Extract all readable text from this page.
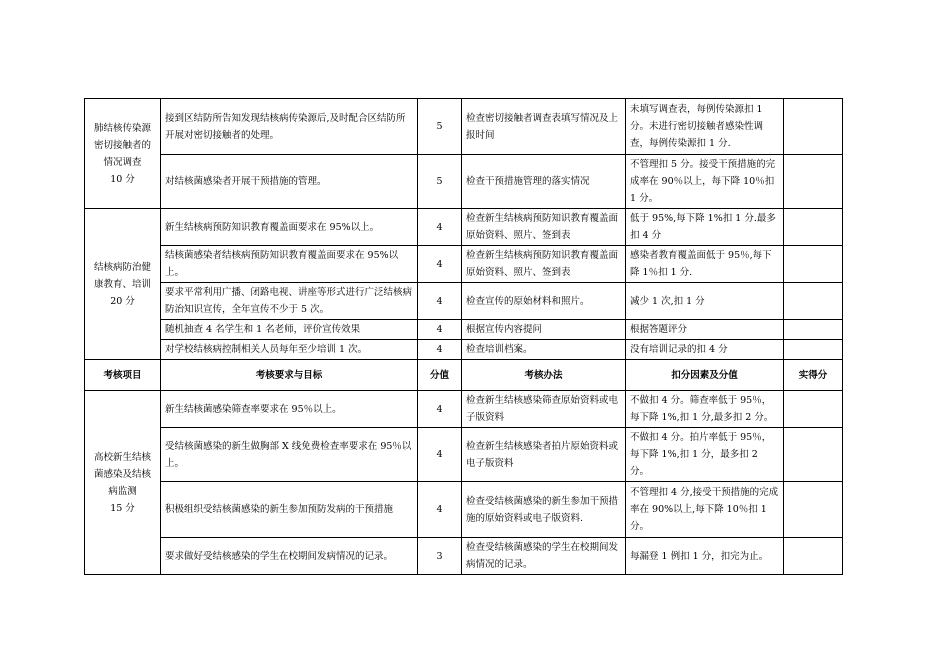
肺结核传染源
密切接触者的
情况调查
10 分	接到区结防所告知发现结核病传染源后,及时配合区结防所开展对密切接触者的处理。	5	检查密切接触者调查表填写情况及上报时间	未填写调查表，每例传染源扣 1 分。未进行密切接触者感染性调查，每例传染源扣 1 分.	
	对结核菌感染者开展干预措施的管理。	5	检查干预措施管理的落实情况	不管理扣 5 分。接受干预措施的完成率在 90％以上，每下降 10％扣 1 分。	

结核病防治健
康教育、培训
20 分	新生结核病预防知识教育覆盖面要求在 95%以上。	4	检查新生结核病预防知识教育覆盖面原始资料、照片、签到表	低于 95%,每下降 1%扣 1 分.最多扣 4 分	
	结核菌感染者结核病预防知识教育覆盖面要求在 95%以上。	4	检查新生结核病预防知识教育覆盖面原始资料、照片、签到表	感染者教育覆盖面低于 95％,每下降 1％扣 1 分.	
	要求平常利用广播、闭路电视、讲座等形式进行广泛结核病防治知识宣传，全年宣传不少于 5 次。	4	检查宣传的原始材料和照片。	减少 1 次,扣 1 分	
	随机抽查 4 名学生和 1 名老师，评价宣传效果	4	根据宣传内容提问	根据答题评分	
	对学校结核病控制相关人员每年至少培训 1 次。	4	检查培训档案。	没有培训记录的扣 4 分	
考核项目	考核要求与目标	分值	考核办法	扣分因素及分值	实得分

高校新生结核
菌感染及结核
病监测
15 分	新生结核菌感染筛查率要求在 95％以上。	4	检查新生结核感染筛查原始资料或电子版资料	不做扣 4 分。筛查率低于 95％，每下降 1%,扣 1 分,最多扣 2 分。	
	受结核菌感染的新生做胸部 X 线免费检查率要求在 95％以上。	4	检查新生结核感染者拍片原始资料或电子版资料	不做扣 4 分。拍片率低于 95％，每下降 1%,扣 1 分，最多扣 2 分。	
	积极组织受结核菌感染的新生参加预防发病的干预措施	4	检查受结核菌感染的新生参加干预措施的原始资料或电子版资料.	不管理扣 4 分,接受干预措施的完成率在 90%以上,每下降 10％扣 1 分。	
	要求做好受结核感染的学生在校期间发病情况的记录。	3	检查受结核菌感染的学生在校期间发病情况的记录。	每漏登 1 例扣 1 分，扣完为止。	
